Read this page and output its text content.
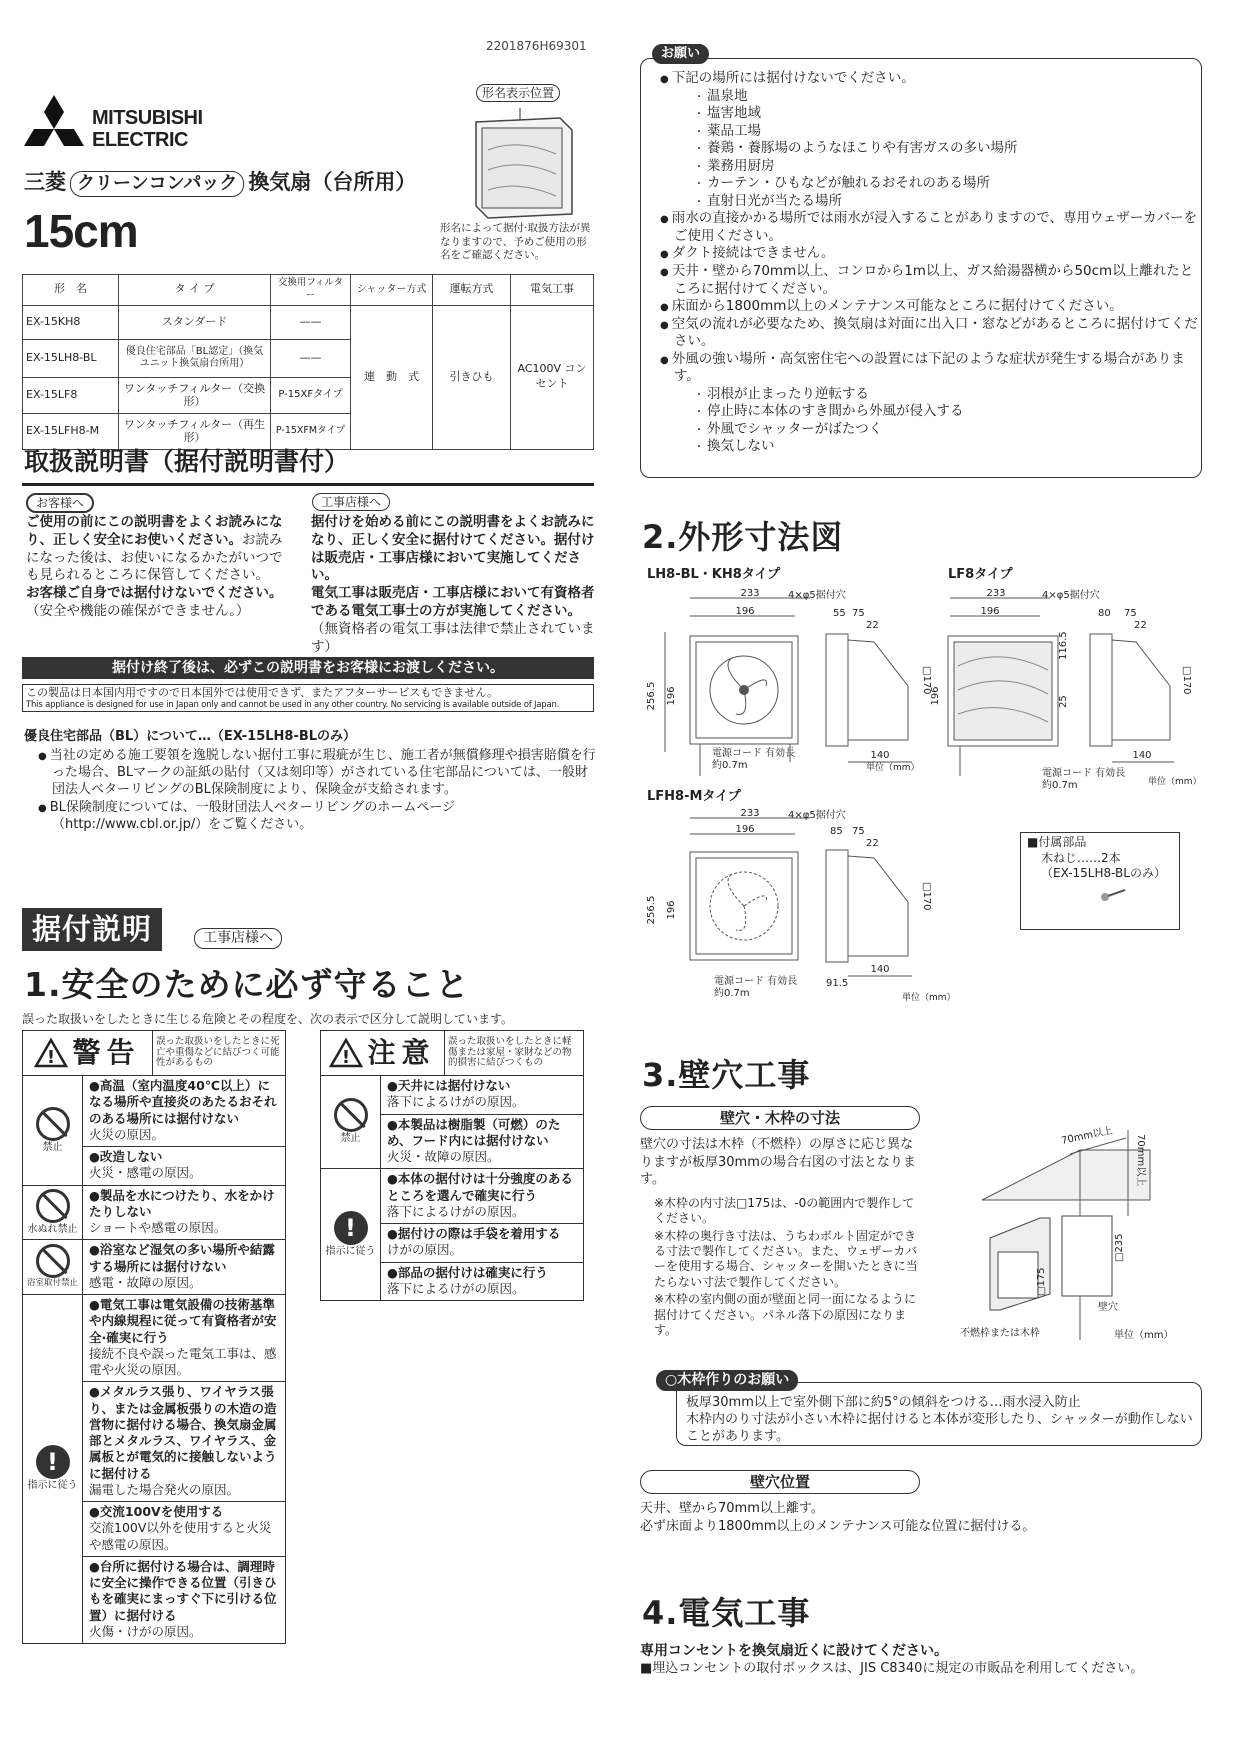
2201876H69301
MITSUBISHI
ELECTRIC
三菱 クリーンコンパック 換気扇（台所用）
15cm
形名表示位置
形名によって据付·取扱方法が異なりますので、予めご使用の形名をご確認ください。
形　名	タ イ プ	交換用フィルター	シャッター方式	運転方式	電気工事
EX-15KH8	スタンダード	——	連　動　式	引きひも	AC100V コンセント
EX-15LH8-BL	優良住宅部品「BL認定」（換気ユニット換気扇台所用）	——			
EX-15LF8	ワンタッチフィルター（交換形）	P-15XFタイプ			
EX-15LFH8-M	ワンタッチフィルター（再生形）	P-15XFMタイプ			
取扱説明書（据付説明書付）
お客様へ
ご使用の前にこの説明書をよくお読みになり、正しく安全にお使いください。お読みになった後は、お使いになるかたがいつでも見られるところに保管してください。
お客様ご自身では据付けないでください。（安全や機能の確保ができません。）
工事店様へ
据付けを始める前にこの説明書をよくお読みになり、正しく安全に据付けてください。据付けは販売店・工事店様において実施してください。
電気工事は販売店・工事店様において有資格者である電気工事士の方が実施してください。（無資格者の電気工事は法律で禁止されています）
据付け終了後は、必ずこの説明書をお客様にお渡しください。
この製品は日本国内用ですので日本国外では使用できず、またアフターサービスもできません。
This appliance is designed for use in Japan only and cannot be used in any other country. No servicing is available outside of Japan.
優良住宅部品（BL）について…（EX-15LH8-BLのみ）
● 当社の定める施工要領を逸脱しない据付工事に瑕疵が生じ、施工者が無償修理や損害賠償を行った場合、BLマークの証紙の貼付（又は刻印等）がされている住宅部品については、一般財団法人ベターリビングのBL保険制度により、保険金が支給されます。
● BL保険制度については、一般財団法人ベターリビングのホームページ（http://www.cbl.or.jp/）をご覧ください。
据付説明	工事店様へ
1.安全のために必ず守ること
誤った取扱いをしたときに生じる危険とその程度を、次の表示で区分して説明しています。
! 警告	誤った取扱いをしたときに死亡や重傷などに結びつく可能性があるもの
禁止
●高温（室内温度40℃以上）になる場所や直接炎のあたるおそれのある場所には据付けない
火災の原因。
●改造しない
火災・感電の原因。
水ぬれ禁止
●製品を水につけたり、水をかけたりしない
ショートや感電の原因。
浴室取付禁止
●浴室など湿気の多い場所や結露する場所には据付けない
感電・故障の原因。
!
指示に従う
●電気工事は電気設備の技術基準や内線規程に従って有資格者が安全·確実に行う
接続不良や誤った電気工事は、感電や火災の原因。
●メタルラス張り、ワイヤラス張り、または金属板張りの木造の造営物に据付ける場合、換気扇金属部とメタルラス、ワイヤラス、金属板とが電気的に接触しないように据付ける
漏電した場合発火の原因。
●交流100Vを使用する
交流100V以外を使用すると火災や感電の原因。
●台所に据付ける場合は、調理時に安全に操作できる位置（引きひもを確実にまっすぐ下に引ける位置）に据付ける
火傷・けがの原因。
! 注意	誤った取扱いをしたときに軽傷または家屋・家財などの物的損害に結びつくもの
禁止
●天井には据付けない
落下によるけがの原因。
●本製品は樹脂製（可燃）のため、フード内には据付けない
火災・故障の原因。
!
指示に従う
●本体の据付けは十分強度のあるところを選んで確実に行う
落下によるけがの原因。
●据付けの際は手袋を着用する
けがの原因。
●部品の据付けは確実に行う
落下によるけがの原因。
お願い
● 下記の場所には据付けないでください。
・ 温泉地
・ 塩害地域
・ 薬品工場
・ 養鶏・養豚場のようなほこりや有害ガスの多い場所
・ 業務用厨房
・ カーテン・ひもなどが触れるおそれのある場所
・ 直射日光が当たる場所
● 雨水の直接かかる場所では雨水が浸入することがありますので、専用ウェザーカバーをご使用ください。
● ダクト接続はできません。
● 天井・壁から70mm以上、コンロから1m以上、ガス給湯器横から50cm以上離れたところに据付けてください。
● 床面から1800mm以上のメンテナンス可能なところに据付けてください。
● 空気の流れが必要なため、換気扇は対面に出入口・窓などがあるところに据付けてください。
● 外風の強い場所・高気密住宅への設置には下記のような症状が発生する場合があります。
・ 羽根が止まったり逆転する
・ 停止時に本体のすき間から外風が侵入する
・ 外風でシャッターがばたつく
・ 換気しない
2.外形寸法図
LH8-BL・KH8タイプ	LF8タイプ
LFH8-Mタイプ
233
196
4×φ5据付穴
256.5 196
55 75
22
□170
140
電源コード 有効長約0.7m	単位（mm）
233
196
4×φ5据付穴
196
116.5
25
80 75
22
□170
140
電源コード 有効長約0.7m	単位（mm）
233
196
4×φ5据付穴
256.5 196
85 75
22
□170
140
91.5
電源コード 有効長約0.7m	単位（mm）
■付属部品
木ねじ……2本
（EX-15LH8-BLのみ）
3.壁穴工事
壁穴・木枠の寸法
壁穴の寸法は木枠（不燃枠）の厚さに応じ異なりますが板厚30mmの場合右図の寸法となります。
※木枠の内寸法□175は、-0の範囲内で製作してください。
※木枠の奥行き寸法は、うちわボルト固定ができる寸法で製作してください。また、ウェザーカバーを使用する場合、シャッターを開いたときに当たらない寸法で製作してください。
※木枠の室内側の面が壁面と同一面になるように据付けてください。パネル落下の原因になります。
70mm以上 70mm以上
□235
□175
壁穴
不燃枠または木枠	単位（mm）
○木枠作りのお願い
板厚30mm以上で室外側下部に約5°の傾斜をつける…雨水浸入防止
木枠内のり寸法が小さい木枠に据付けると本体が変形したり、シャッターが動作しないことがあります。
壁穴位置
天井、壁から70mm以上離す。
必ず床面より1800mm以上のメンテナンス可能な位置に据付ける。
4.電気工事
専用コンセントを換気扇近くに設けてください。
■埋込コンセントの取付ボックスは、JIS C8340に規定の市販品を利用してください。
